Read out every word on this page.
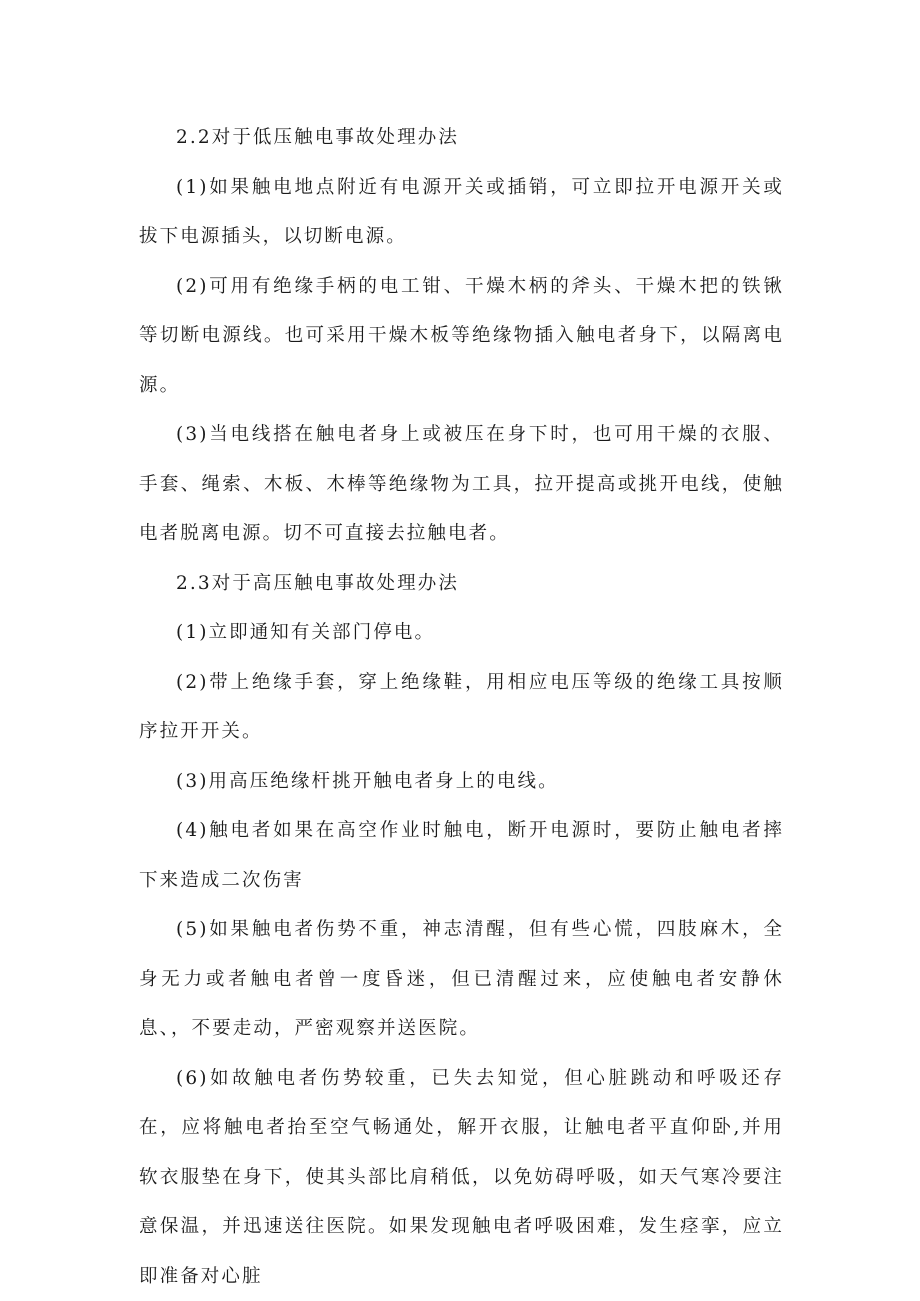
2.2对于低压触电事故处理办法

(1)如果触电地点附近有电源开关或插销，可立即拉开电源开关或拔下电源插头，以切断电源。

(2)可用有绝缘手柄的电工钳、干燥木柄的斧头、干燥木把的铁锹等切断电源线。也可采用干燥木板等绝缘物插入触电者身下，以隔离电源。

(3)当电线搭在触电者身上或被压在身下时，也可用干燥的衣服、手套、绳索、木板、木棒等绝缘物为工具，拉开提高或挑开电线，使触电者脱离电源。切不可直接去拉触电者。

2.3对于高压触电事故处理办法

(1)立即通知有关部门停电。

(2)带上绝缘手套，穿上绝缘鞋，用相应电压等级的绝缘工具按顺序拉开开关。

(3)用高压绝缘杆挑开触电者身上的电线。

(4)触电者如果在高空作业时触电，断开电源时，要防止触电者摔下来造成二次伤害

(5)如果触电者伤势不重，神志清醒，但有些心慌，四肢麻木，全身无力或者触电者曾一度昏迷，但已清醒过来，应使触电者安静休息、，不要走动，严密观察并送医院。

(6)如故触电者伤势较重，已失去知觉，但心脏跳动和呼吸还存在，应将触电者抬至空气畅通处，解开衣服，让触电者平直仰卧,并用软衣服垫在身下，使其头部比肩稍低，以免妨碍呼吸，如天气寒冷要注意保温，并迅速送往医院。如果发现触电者呼吸困难，发生痉挛，应立即准备对心脏
